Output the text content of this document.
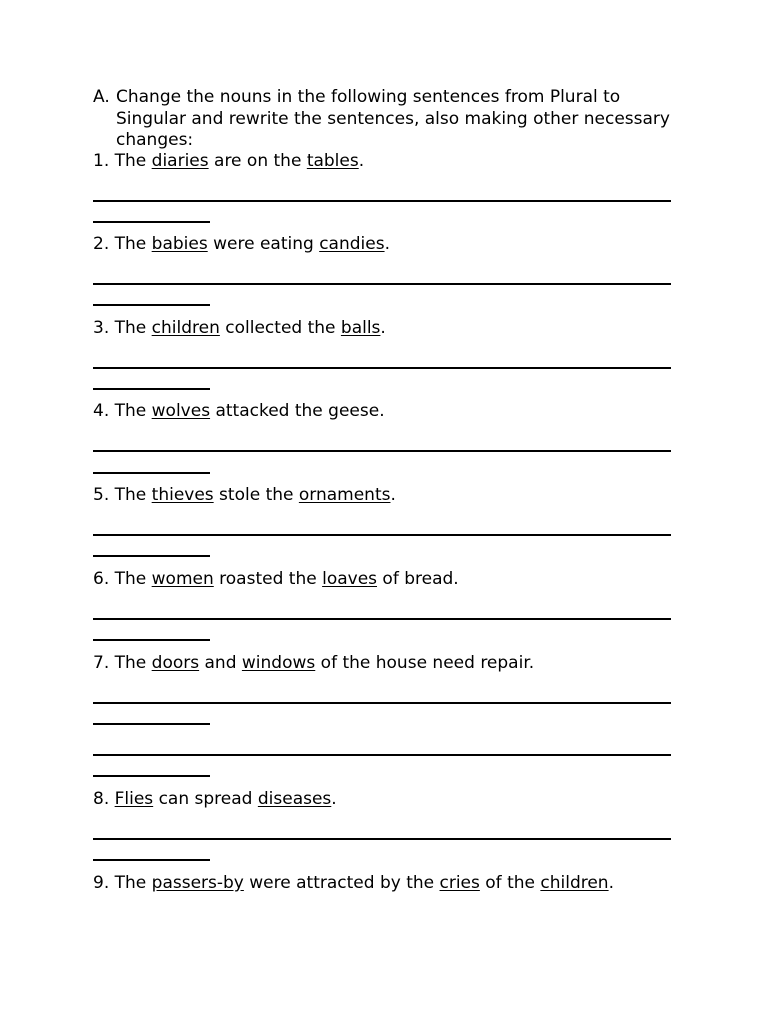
A. Change the nouns in the following sentences from Plural to Singular and rewrite the sentences, also making other necessary changes:
1. The diaries are on the tables.
2. The babies were eating candies.
3. The children collected the balls.
4. The wolves attacked the geese.
5. The thieves stole the ornaments.
6. The women roasted the loaves of bread.
7. The doors and windows of the house need repair.
8. Flies can spread diseases.
9. The passers-by were attracted by the cries of the children.
